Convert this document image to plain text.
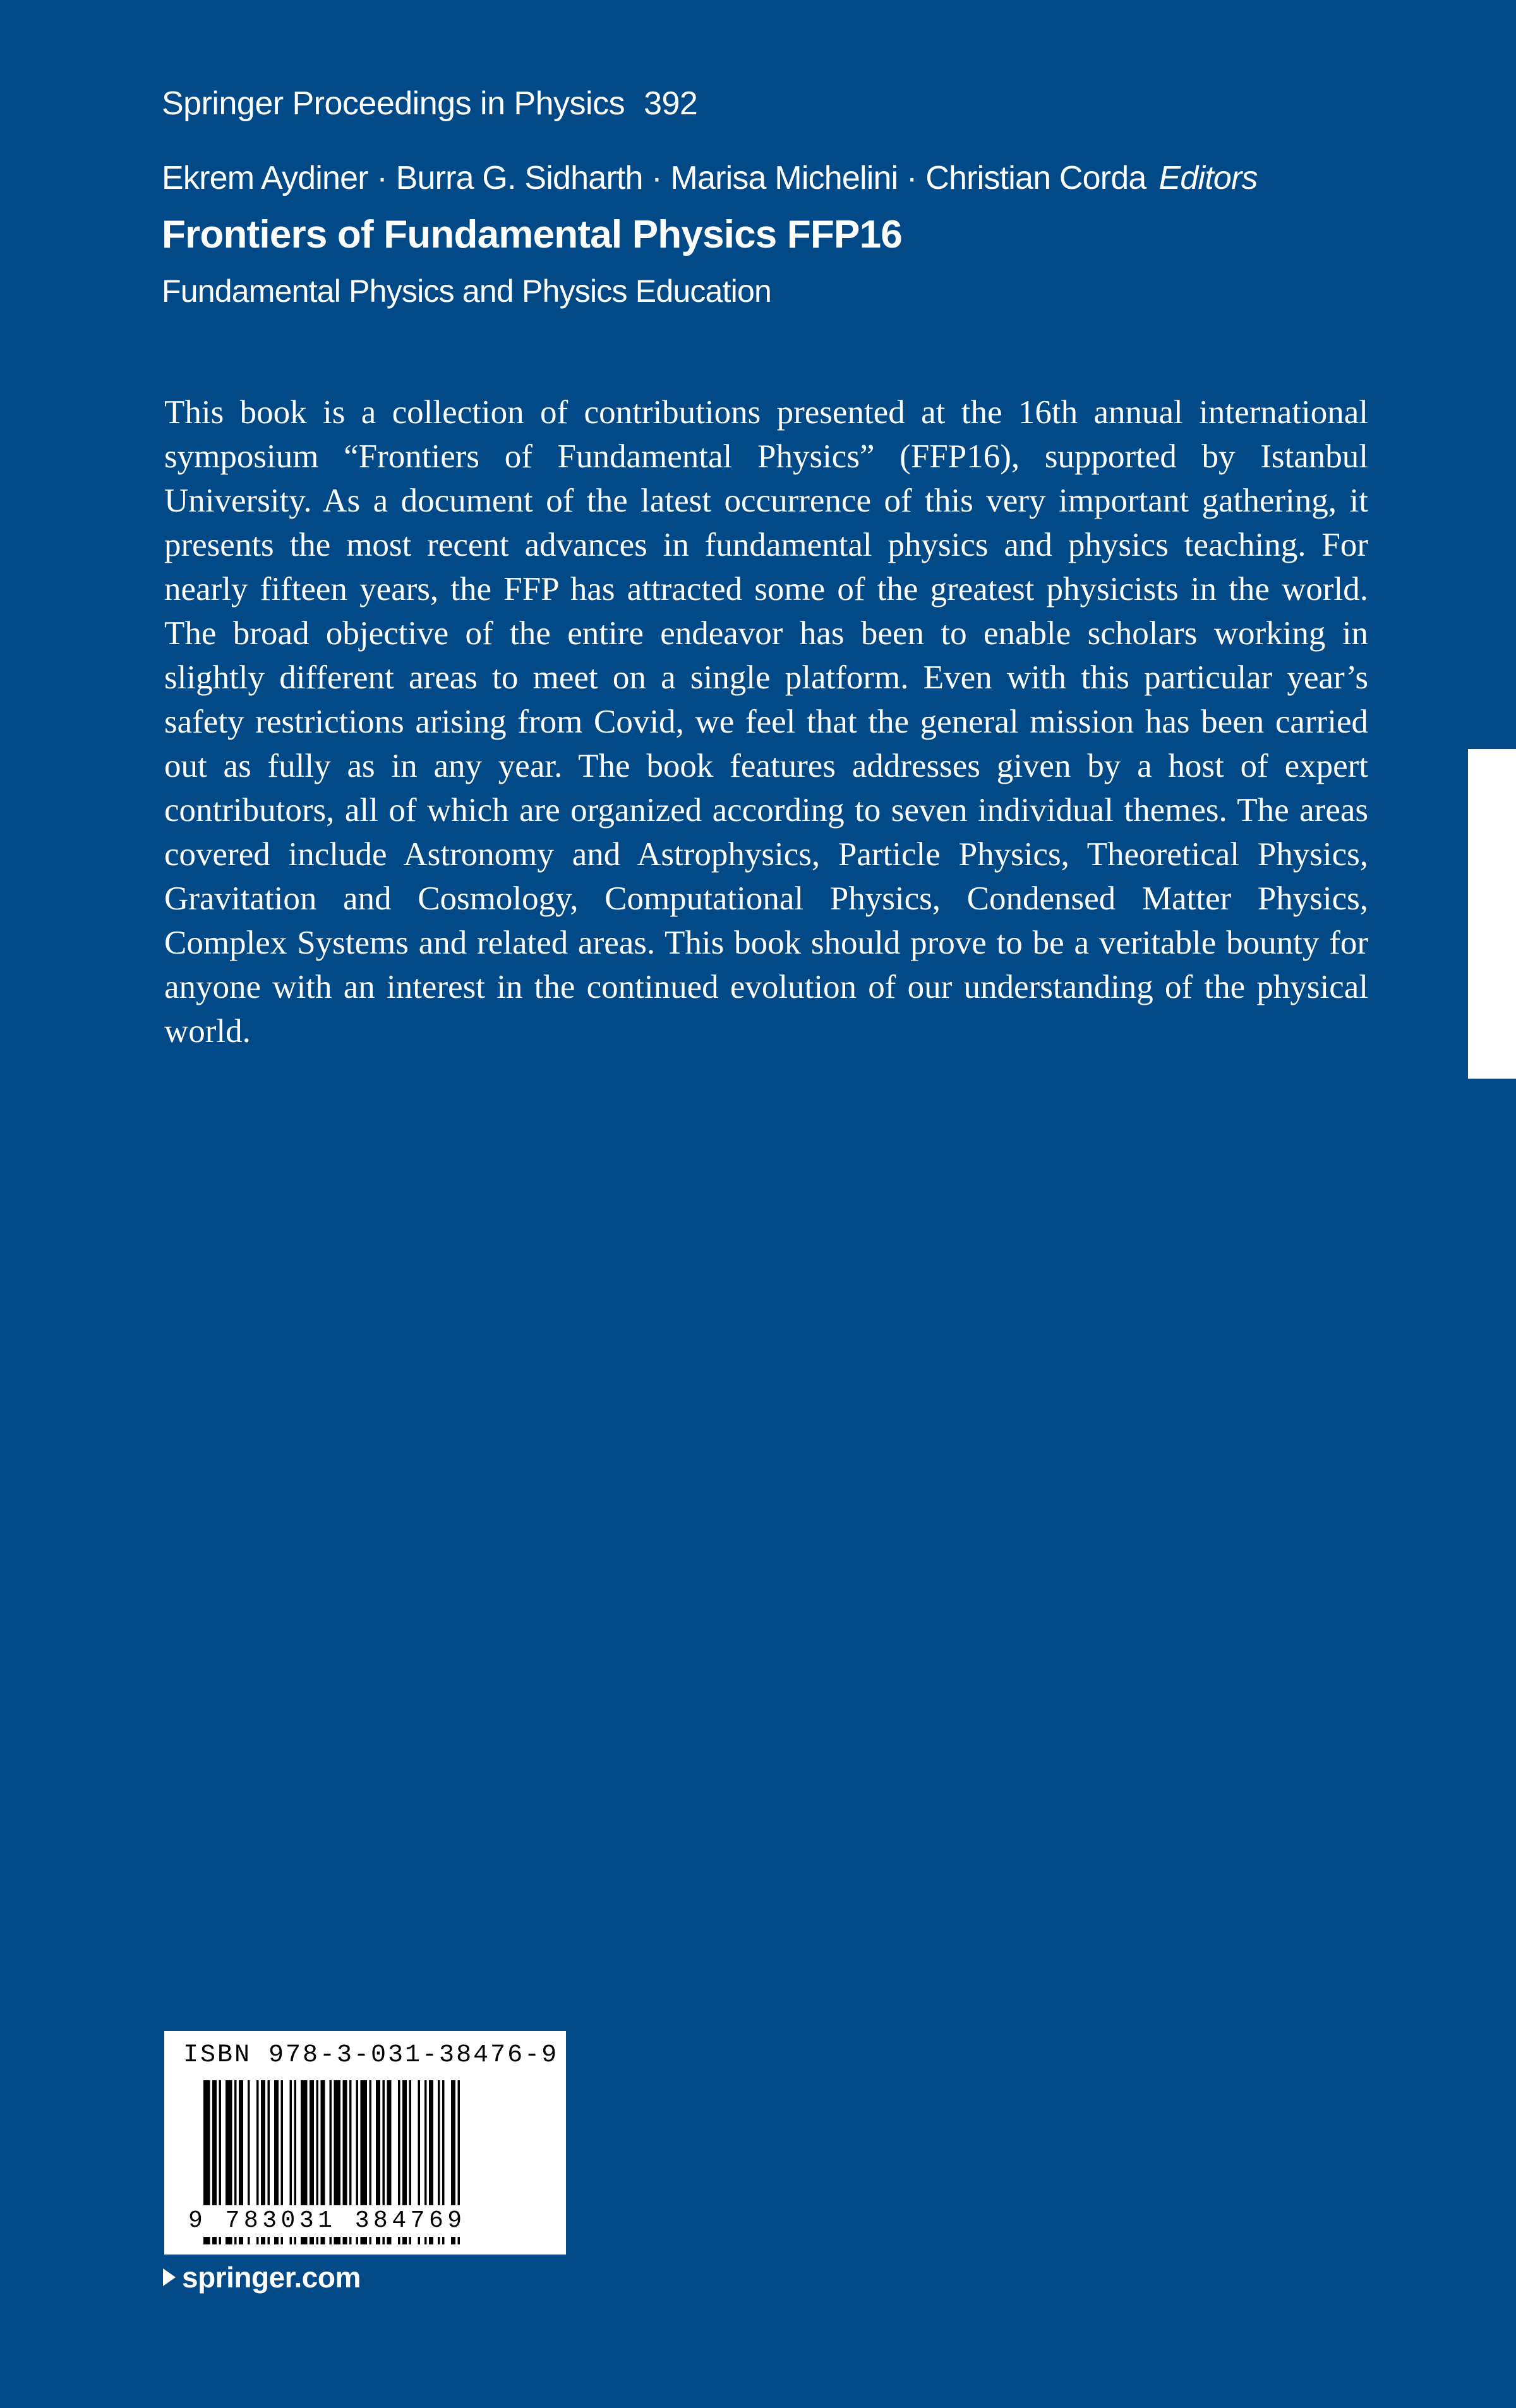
Springer Proceedings in Physics 392
Ekrem Aydiner · Burra G. Sidharth · Marisa Michelini · Christian Corda Editors
Frontiers of Fundamental Physics FFP16
Fundamental Physics and Physics Education

This book is a collection of contributions presented at the 16th annual international symposium “Frontiers of Fundamental Physics” (FFP16), supported by Istanbul University. As a document of the latest occurrence of this very important gathering, it presents the most recent advances in fundamental physics and physics teaching. For nearly fifteen years, the FFP has attracted some of the greatest physicists in the world. The broad objective of the entire endeavor has been to enable scholars working in slightly different areas to meet on a single platform. Even with this particular year’s safety restrictions arising from Covid, we feel that the general mission has been carried out as fully as in any year. The book features addresses given by a host of expert contributors, all of which are organized according to seven individual themes. The areas covered include Astronomy and Astrophysics, Particle Physics, Theoretical Physics, Gravitation and Cosmology, Computational Physics, Condensed Matter Physics, Complex Systems and related areas. This book should prove to be a veritable bounty for anyone with an interest in the continued evolution of our understanding of the physical world.

ISBN 978-3-031-38476-9
9 783031 384769
springer.com
